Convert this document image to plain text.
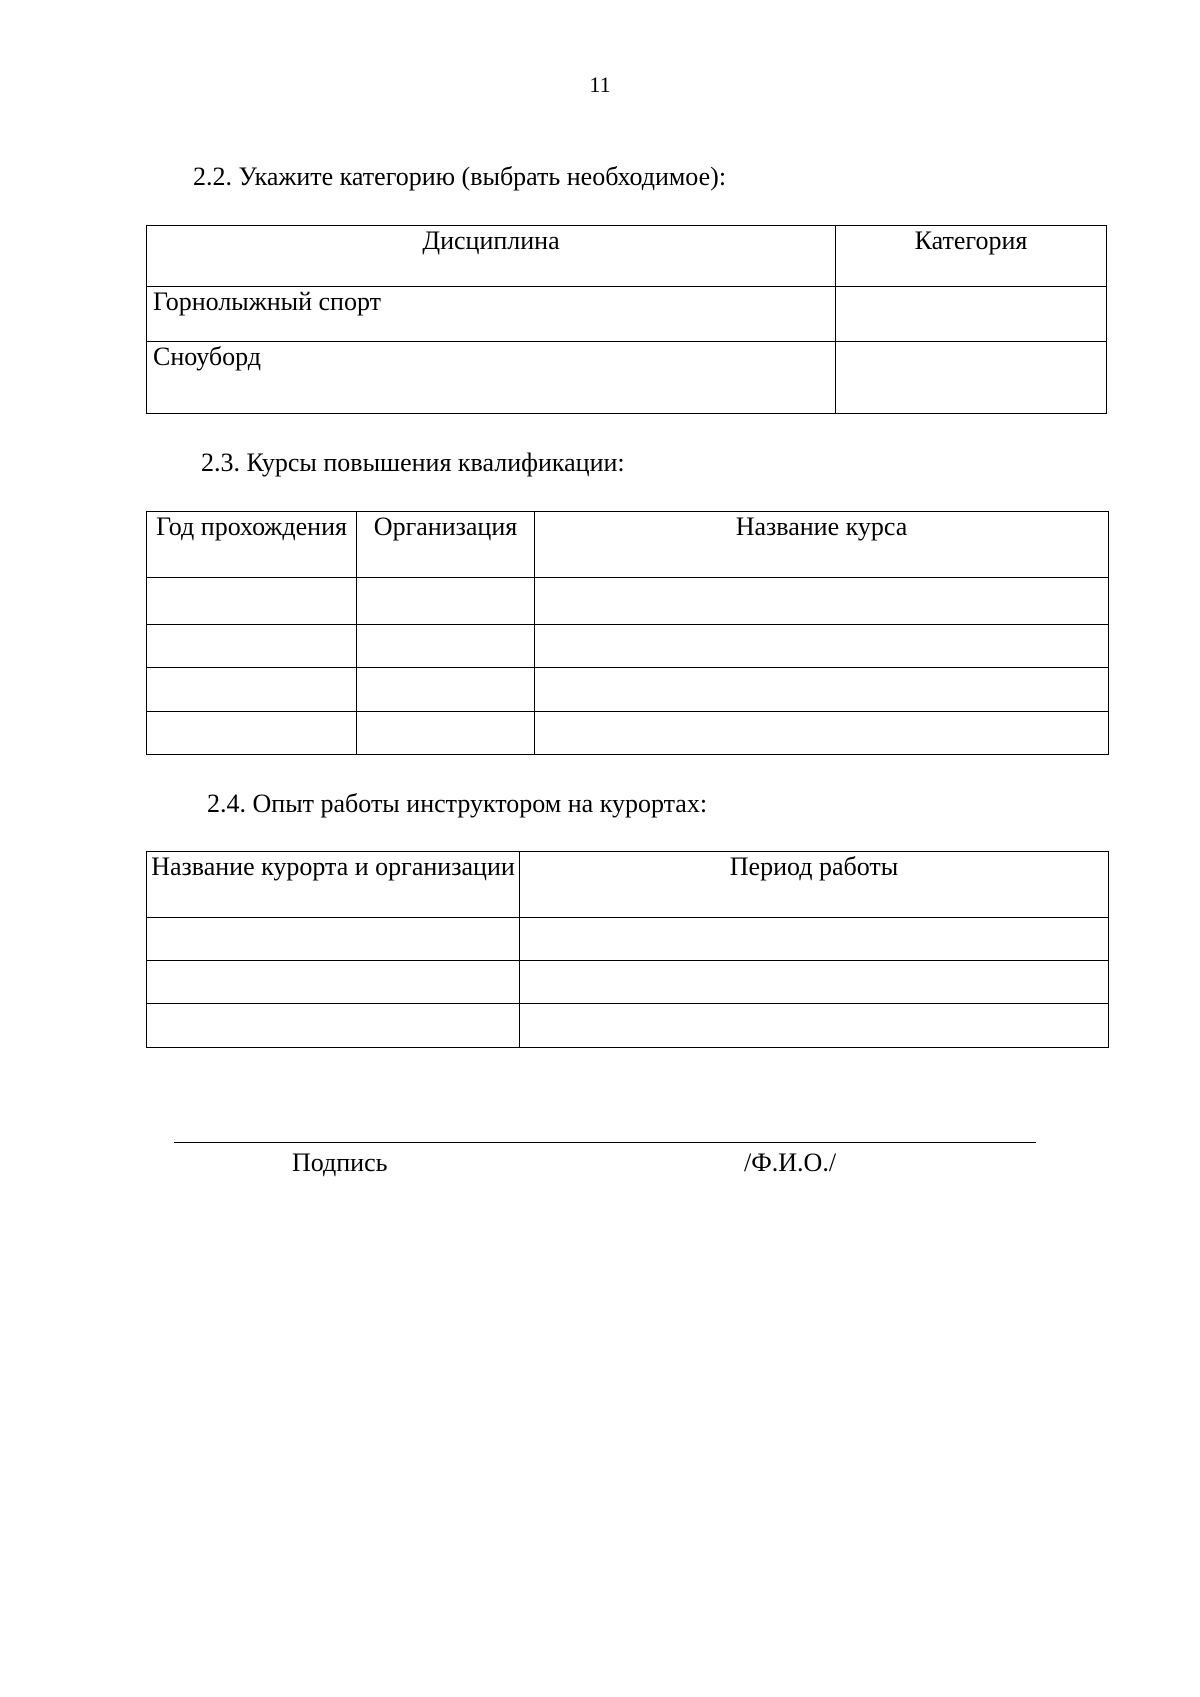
11
2.2. Укажите категорию (выбрать необходимое):
Дисциплина	Категория
Горнолыжный спорт	
Сноуборд	
2.3. Курсы повышения квалификации:
Год прохождения	Организация	Название курса

2.4. Опыт работы инструктором на курортах:
Название курорта и организации	Период работы

Подпись	/Ф.И.О./
